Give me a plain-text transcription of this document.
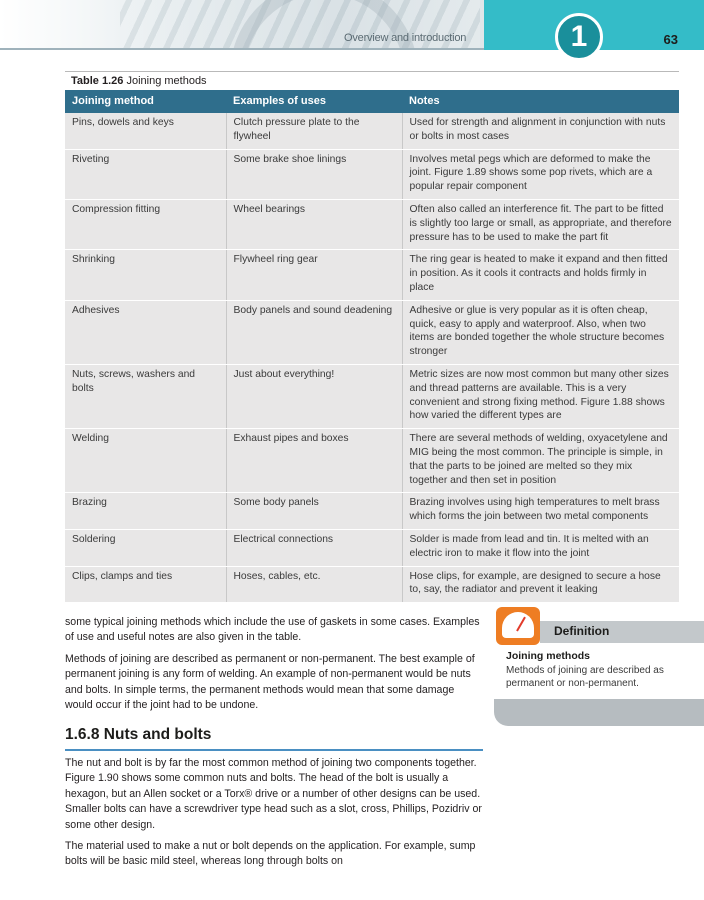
Overview and introduction	1	63
Table 1.26 Joining methods
Joining method	Examples of uses	Notes
Pins, dowels and keys	Clutch pressure plate to the flywheel	Used for strength and alignment in conjunction with nuts or bolts in most cases
Riveting	Some brake shoe linings	Involves metal pegs which are deformed to make the joint. Figure 1.89 shows some pop rivets, which are a popular repair component
Compression fitting	Wheel bearings	Often also called an interference fit. The part to be fitted is slightly too large or small, as appropriate, and therefore pressure has to be used to make the part fit
Shrinking	Flywheel ring gear	The ring gear is heated to make it expand and then fitted in position. As it cools it contracts and holds firmly in place
Adhesives	Body panels and sound deadening	Adhesive or glue is very popular as it is often cheap, quick, easy to apply and waterproof. Also, when two items are bonded together the whole structure becomes stronger
Nuts, screws, washers and bolts	Just about everything!	Metric sizes are now most common but many other sizes and thread patterns are available. This is a very convenient and strong fixing method. Figure 1.88 shows how varied the different types are
Welding	Exhaust pipes and boxes	There are several methods of welding, oxyacetylene and MIG being the most common. The principle is simple, in that the parts to be joined are melted so they mix together and then set in position
Brazing	Some body panels	Brazing involves using high temperatures to melt brass which forms the join between two metal components
Soldering	Electrical connections	Solder is made from lead and tin. It is melted with an electric iron to make it flow into the joint
Clips, clamps and ties	Hoses, cables, etc.	Hose clips, for example, are designed to secure a hose to, say, the radiator and prevent it leaking

some typical joining methods which include the use of gaskets in some cases. Examples of use and useful notes are also given in the table.

Methods of joining are described as permanent or non-permanent. The best example of permanent joining is any form of welding. An example of non-permanent would be nuts and bolts. In simple terms, the permanent methods would mean that some damage would occur if the joint had to be undone.

1.6.8 Nuts and bolts

The nut and bolt is by far the most common method of joining two components together. Figure 1.90 shows some common nuts and bolts. The head of the bolt is usually a hexagon, but an Allen socket or a Torx® drive or a number of other designs can be used. Smaller bolts can have a screwdriver type head such as a slot, cross, Phillips, Pozidriv or some other design.

The material used to make a nut or bolt depends on the application. For example, sump bolts will be basic mild steel, whereas long through bolts on

Definition
Joining methods
Methods of joining are described as permanent or non-permanent.
